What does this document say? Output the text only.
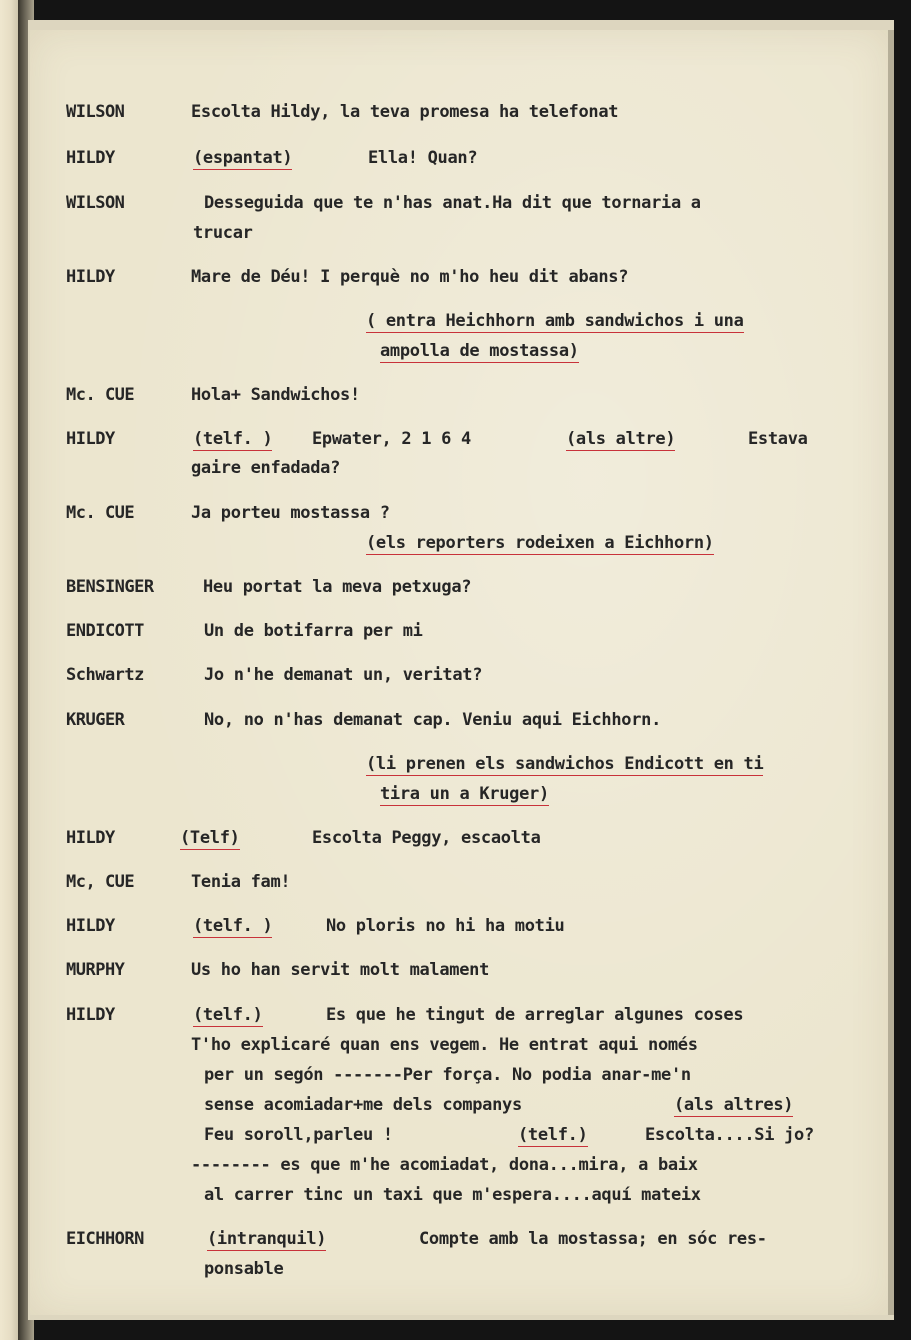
WILSON	Escolta Hildy, la teva promesa ha telefonat
HILDY	(espantat)	Ella! Quan?
WILSON	Desseguida que te n'has anat.Ha dit que tornaria a
trucar
HILDY	Mare de Déu! I perquè no m'ho heu dit abans?
( entra Heichhorn amb sandwichos i una
ampolla de mostassa)
Mc. CUE	Hola+ Sandwichos!
HILDY	(telf. ) Epwater, 2 1 6 4	(als altre)	Estava
gaire enfadada?
Mc. CUE	Ja porteu mostassa ?
(els reporters rodeixen a Eichhorn)
BENSINGER	Heu portat la meva petxuga?
ENDICOTT	Un de botifarra per mi
Schwartz	Jo n'he demanat un, veritat?
KRUGER	No, no n'has demanat cap. Veniu aqui Eichhorn.
(li prenen els sandwichos Endicott en ti
tira un a Kruger)
HILDY	(Telf)	Escolta Peggy, escaolta
Mc, CUE	Tenia fam!
HILDY	(telf. )	No ploris no hi ha motiu
MURPHY	Us ho han servit molt malament
HILDY	(telf.)	Es que he tingut de arreglar algunes coses
T'ho explicaré quan ens vegem. He entrat aqui només
per un segón -------Per força. No podia anar-me'n
sense acomiadar+me dels companys	(als altres)
Feu soroll,parleu !	(telf.)	Escolta....Si jo?
-------- es que m'he acomiadat, dona...mira, a baix
al carrer tinc un taxi que m'espera....aquí mateix
EICHHORN	(intranquil)	Compte amb la mostassa; en sóc res-
ponsable
